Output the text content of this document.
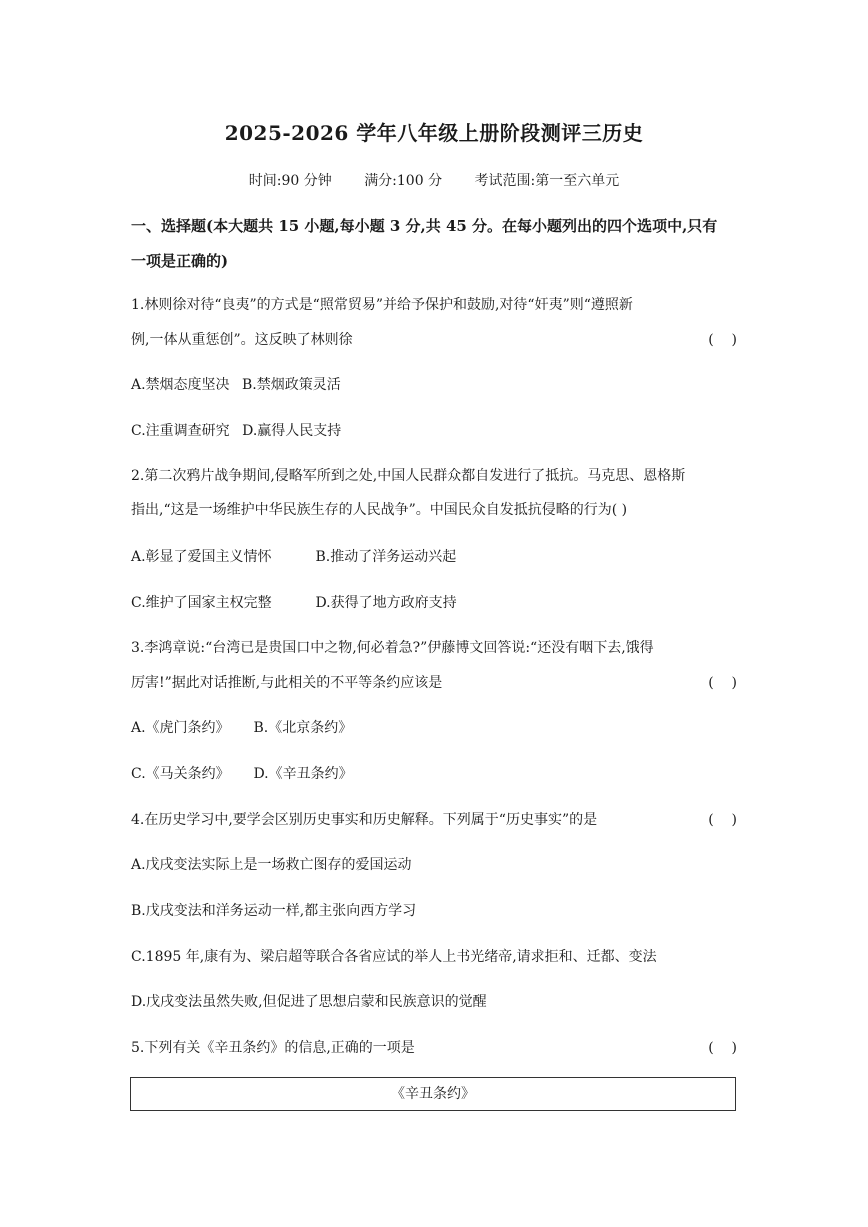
2025-2026 学年八年级上册阶段测评三历史
时间:90 分钟 满分:100 分 考试范围:第一至六单元
一、选择题(本大题共 15 小题,每小题 3 分,共 45 分。在每小题列出的四个选项中,只有
一项是正确的)
1.林则徐对待“良夷”的方式是“照常贸易”并给予保护和鼓励,对待“奸夷”则“遵照新
例,一体从重惩创”。这反映了林则徐	(    )
A.禁烟态度坚决 B.禁烟政策灵活
C.注重调查研究 D.赢得人民支持
2.第二次鸦片战争期间,侵略军所到之处,中国人民群众都自发进行了抵抗。马克思、恩格斯
指出,“这是一场维护中华民族生存的人民战争”。中国民众自发抵抗侵略的行为( )
A.彰显了爱国主义情怀	B.推动了洋务运动兴起
C.维护了国家主权完整	D.获得了地方政府支持
3.李鸿章说:“台湾已是贵国口中之物,何必着急?”伊藤博文回答说:“还没有咽下去,饿得
厉害!”据此对话推断,与此相关的不平等条约应该是	(    )
A.《虎门条约》 B.《北京条约》
C.《马关条约》 D.《辛丑条约》
4.在历史学习中,要学会区别历史事实和历史解释。下列属于“历史事实”的是	(    )
A.戊戌变法实际上是一场救亡图存的爱国运动
B.戊戌变法和洋务运动一样,都主张向西方学习
C.1895 年,康有为、梁启超等联合各省应试的举人上书光绪帝,请求拒和、迁都、变法
D.戊戌变法虽然失败,但促进了思想启蒙和民族意识的觉醒
5.下列有关《辛丑条约》的信息,正确的一项是	(    )
《辛丑条约》
